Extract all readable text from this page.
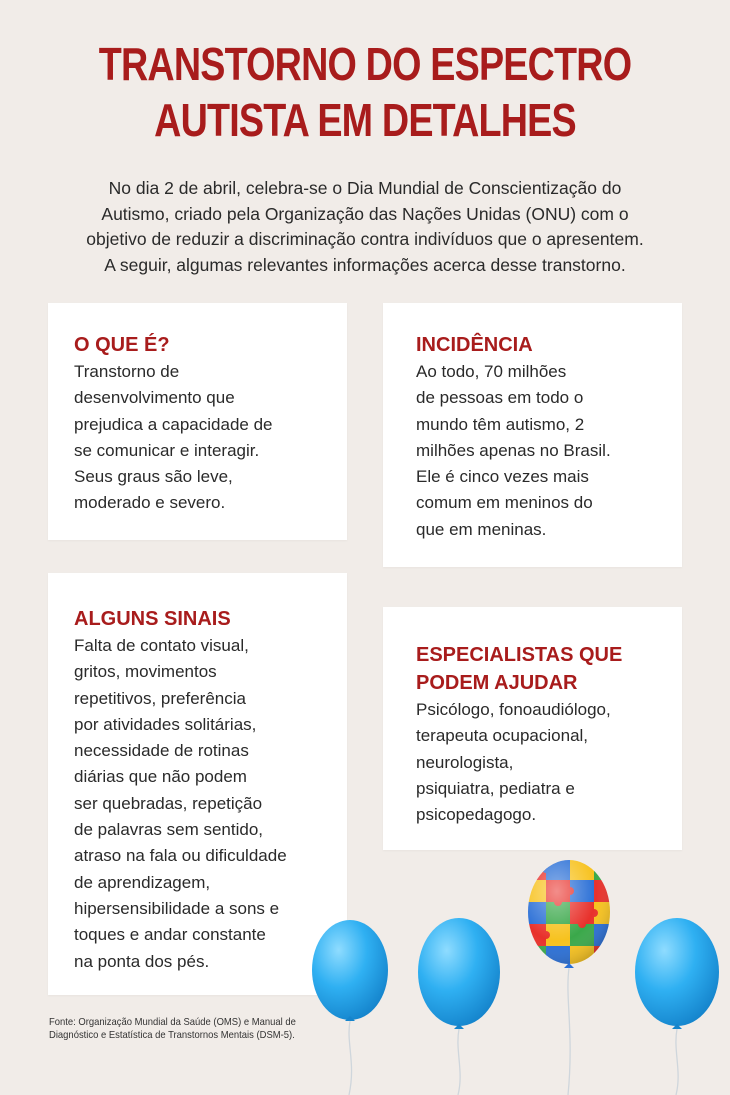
TRANSTORNO DO ESPECTRO
AUTISTA EM DETALHES
No dia 2 de abril, celebra-se o Dia Mundial de Conscientização do
Autismo, criado pela Organização das Nações Unidas (ONU) com o
objetivo de reduzir a discriminação contra indivíduos que o apresentem.
A seguir, algumas relevantes informações acerca desse transtorno.
O QUE É?
Transtorno de
desenvolvimento que
prejudica a capacidade de
se comunicar e interagir.
Seus graus são leve,
moderado e severo.
INCIDÊNCIA
Ao todo, 70 milhões
de pessoas em todo o
mundo têm autismo, 2
milhões apenas no Brasil.
Ele é cinco vezes mais
comum em meninos do
que em meninas.
ALGUNS SINAIS
Falta de contato visual,
gritos, movimentos
repetitivos, preferência
por atividades solitárias,
necessidade de rotinas
diárias que não podem
ser quebradas, repetição
de palavras sem sentido,
atraso na fala ou dificuldade
de aprendizagem,
hipersensibilidade a sons e
toques e andar constante
na ponta dos pés.
ESPECIALISTAS QUE
PODEM AJUDAR
Psicólogo, fonoaudiólogo,
terapeuta ocupacional,
neurologista,
psiquiatra, pediatra e
psicopedagogo.
Fonte: Organização Mundial da Saúde (OMS) e Manual de
Diagnóstico e Estatística de Transtornos Mentais (DSM-5).
